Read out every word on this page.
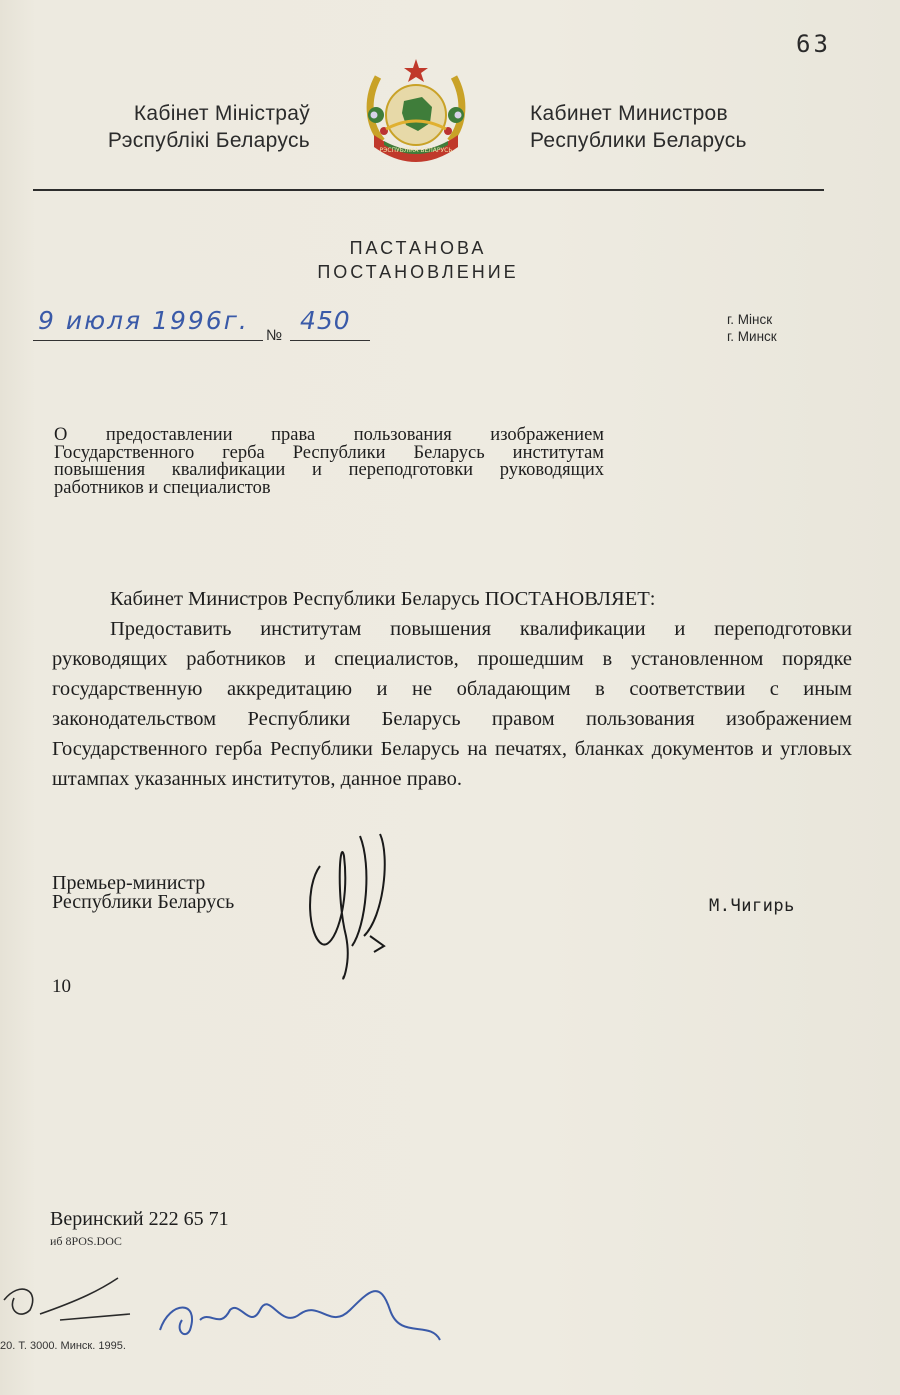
63
Кабінет Міністраў
Рэспублікі Беларусь	РЭСПУБЛІКА БЕЛАРУСЬ
Кабинет Министров
Республики Беларусь
ПАСТАНОВА
ПОСТАНОВЛЕНИЕ
9 июля 1996г.
№
450	г. Мінск
г. Минск
О предоставлении права пользования изображением Государственного герба Республики Беларусь институтам повышения квалификации и переподготовки руководящих работников и специалистов

Кабинет Министров Республики Беларусь ПОСТАНОВЛЯЕТ:

Предоставить институтам повышения квалификации и переподготовки руководящих работников и специалистов, прошедшим в установленном порядке государственную аккредитацию и не обладающим в соответствии с иным законодательством Республики Беларусь правом пользования изображением Государственного герба Республики Беларусь на печатях, бланках документов и угловых штампах указанных институтов, данное право.

Премьер-министр
Республики Беларусь	М.Чигирь
10
Веринский 222 65 71
иб 8POS.DOC
20. Т. 3000. Минск. 1995.
